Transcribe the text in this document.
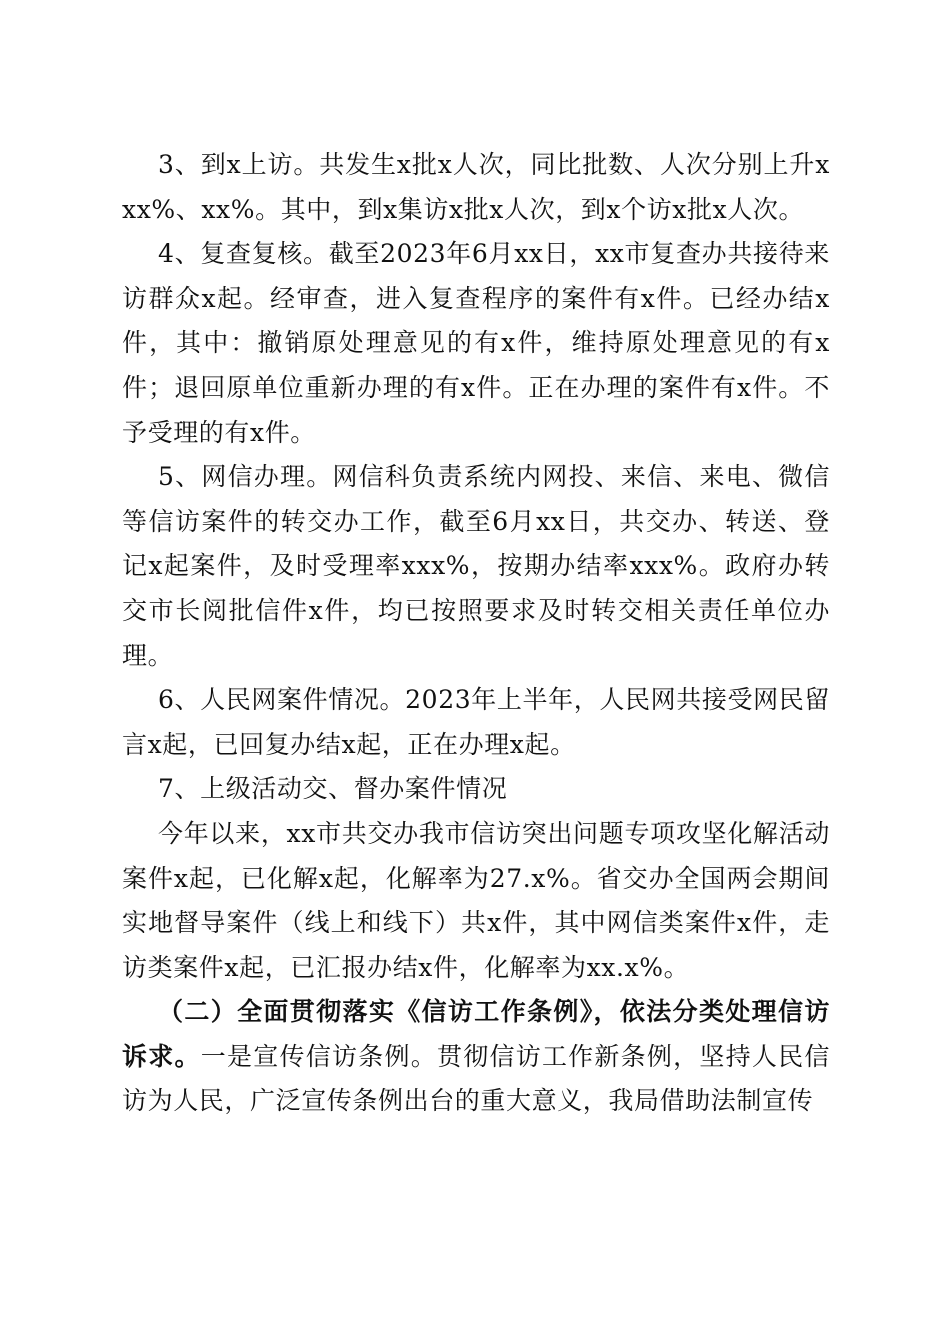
3、到x上访。共发生x批x人次，同比批数、人次分别上升xxx%、xx%。其中，到x集访x批x人次，到x个访x批x人次。

4、复查复核。截至2023年6月xx日，xx市复查办共接待来访群众x起。经审查，进入复查程序的案件有x件。已经办结x件，其中：撤销原处理意见的有x件，维持原处理意见的有x件；退回原单位重新办理的有x件。正在办理的案件有x件。不予受理的有x件。

5、网信办理。网信科负责系统内网投、来信、来电、微信等信访案件的转交办工作，截至6月xx日，共交办、转送、登记x起案件，及时受理率xxx%，按期办结率xxx%。政府办转交市长阅批信件x件，均已按照要求及时转交相关责任单位办理。

6、人民网案件情况。2023年上半年，人民网共接受网民留言x起，已回复办结x起，正在办理x起。

7、上级活动交、督办案件情况

今年以来，xx市共交办我市信访突出问题专项攻坚化解活动案件x起，已化解x起，化解率为27.x%。省交办全国两会期间实地督导案件（线上和线下）共x件，其中网信类案件x件，走访类案件x起，已汇报办结x件，化解率为xx.x%。

（二）全面贯彻落实《信访工作条例》，依法分类处理信访诉求。一是宣传信访条例。贯彻信访工作新条例，坚持人民信访为人民，广泛宣传条例出台的重大意义，我局借助法制宣传
